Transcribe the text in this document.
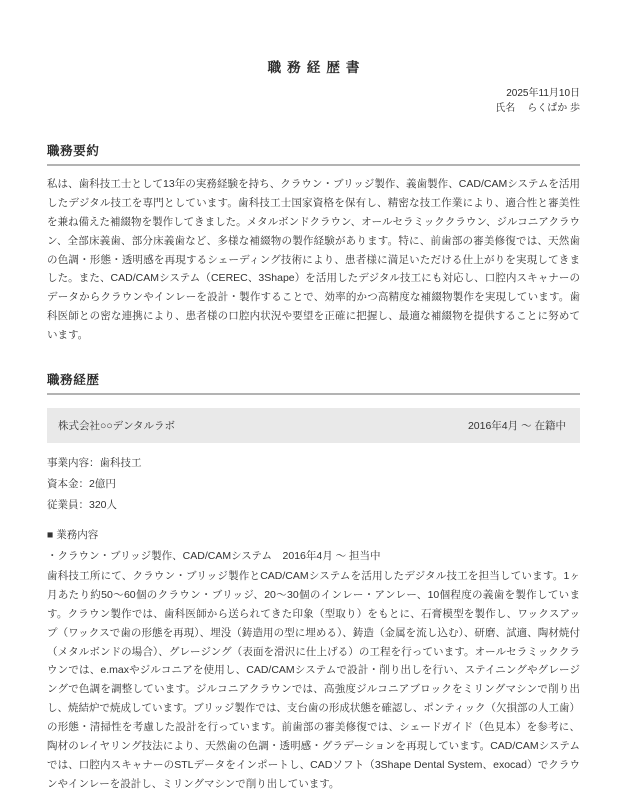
職務経歴書
2025年11月10日
氏名 らくぱか 歩
職務要約

私は、歯科技工士として13年の実務経験を持ち、クラウン・ブリッジ製作、義歯製作、CAD/CAMシステムを活用したデジタル技工を専門としています。歯科技工士国家資格を保有し、精密な技工作業により、適合性と審美性を兼ね備えた補綴物を製作してきました。メタルボンドクラウン、オールセラミッククラウン、ジルコニアクラウン、全部床義歯、部分床義歯など、多様な補綴物の製作経験があります。特に、前歯部の審美修復では、天然歯の色調・形態・透明感を再現するシェーディング技術により、患者様に満足いただける仕上がりを実現してきました。また、CAD/CAMシステム（CEREC、3Shape）を活用したデジタル技工にも対応し、口腔内スキャナーのデータからクラウンやインレーを設計・製作することで、効率的かつ高精度な補綴物製作を実現しています。歯科医師との密な連携により、患者様の口腔内状況や要望を正確に把握し、最適な補綴物を提供することに努めています。

職務経歴
株式会社○○デンタルラボ	2016年4月 ～ 在籍中
事業内容：歯科技工
資本金：2億円
従業員：320人
■ 業務内容
・クラウン・ブリッジ製作、CAD/CAMシステム　2016年4月 ～ 担当中

歯科技工所にて、クラウン・ブリッジ製作とCAD/CAMシステムを活用したデジタル技工を担当しています。1ヶ月あたり約50～60個のクラウン・ブリッジ、20～30個のインレー・アンレー、10個程度の義歯を製作しています。クラウン製作では、歯科医師から送られてきた印象（型取り）をもとに、石膏模型を製作し、ワックスアップ（ワックスで歯の形態を再現）、埋没（鋳造用の型に埋める）、鋳造（金属を流し込む）、研磨、試適、陶材焼付（メタルボンドの場合）、グレージング（表面を滑沢に仕上げる）の工程を行っています。オールセラミッククラウンでは、e.maxやジルコニアを使用し、CAD/CAMシステムで設計・削り出しを行い、ステイニングやグレージングで色調を調整しています。ジルコニアクラウンでは、高強度ジルコニアブロックをミリングマシンで削り出し、焼結炉で焼成しています。ブリッジ製作では、支台歯の形成状態を確認し、ポンティック（欠損部の人工歯）の形態・清掃性を考慮した設計を行っています。前歯部の審美修復では、シェードガイド（色見本）を参考に、陶材のレイヤリング技法により、天然歯の色調・透明感・グラデーションを再現しています。CAD/CAMシステムでは、口腔内スキャナーのSTLデータをインポートし、CADソフト（3Shape Dental System、exocad）でクラウンやインレーを設計し、ミリングマシンで削り出しています。
